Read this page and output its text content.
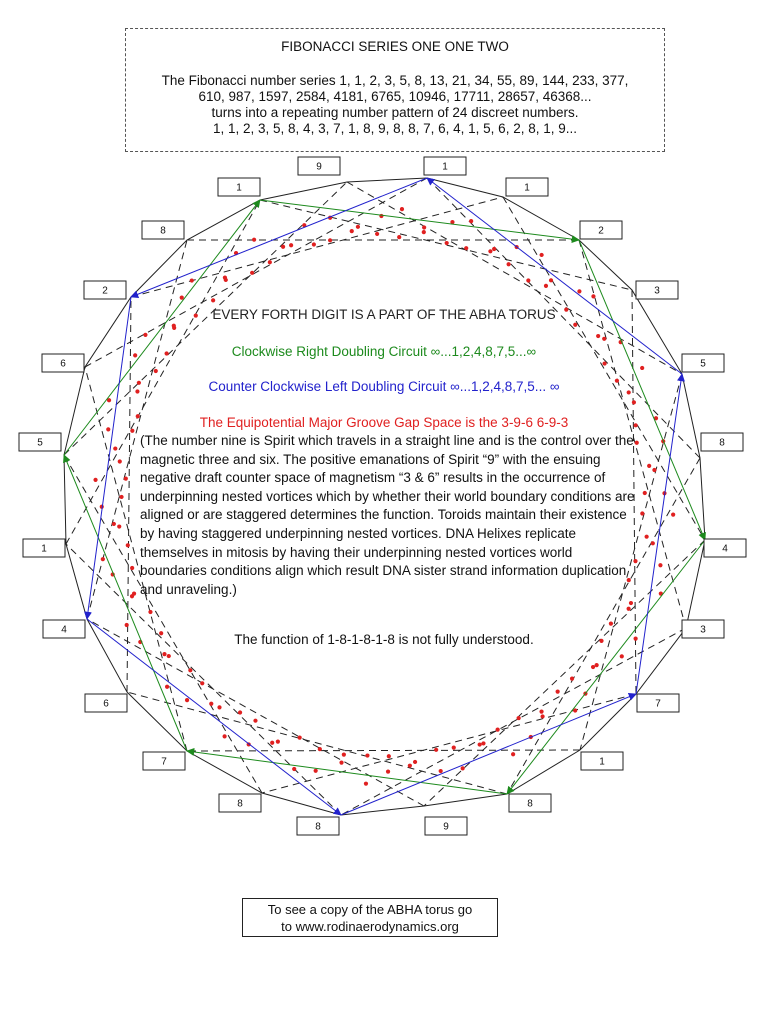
1
1
2
3
5
8
4
3
7
1
8
9
8
8
7
6
4
1
5
6
2
8
1
9
FIBONACCI SERIES ONE ONE TWO
The Fibonacci number series 1, 1, 2, 3, 5, 8, 13, 21, 34, 55, 89, 144, 233, 377,
610, 987, 1597, 2584, 4181, 6765, 10946, 17711, 28657, 46368...
turns into a repeating number pattern of 24 discreet numbers.
1, 1, 2, 3, 5, 8, 4, 3, 7, 1, 8, 9, 8, 8, 7, 6, 4, 1, 5, 6, 2, 8, 1, 9...
EVERY FORTH DIGIT IS A PART OF THE ABHA TORUS
Clockwise Right Doubling Circuit ∞...1,2,4,8,7,5...∞
Counter Clockwise Left Doubling Circuit ∞...1,2,4,8,7,5... ∞
The Equipotential Major Groove Gap Space is the 3-9-6 6-9-3
(The number nine is Spirit which travels in a straight line and is the control over the magnetic three and six. The positive emanations of Spirit “9” with the ensuing negative draft counter space of magnetism “3 & 6” results in the occurrence of underpinning nested vortices which by whether their world boundary conditions are aligned or are staggered determines the function. Toroids maintain their existence by having staggered underpinning nested vortices. DNA Helixes replicate themselves in mitosis by having their underpinning nested vortices world boundaries conditions align which result DNA sister strand information duplication and unraveling.)
The function of 1-8-1-8-1-8 is not fully understood.
To see a copy of the ABHA torus go
to www.rodinaerodynamics.org
